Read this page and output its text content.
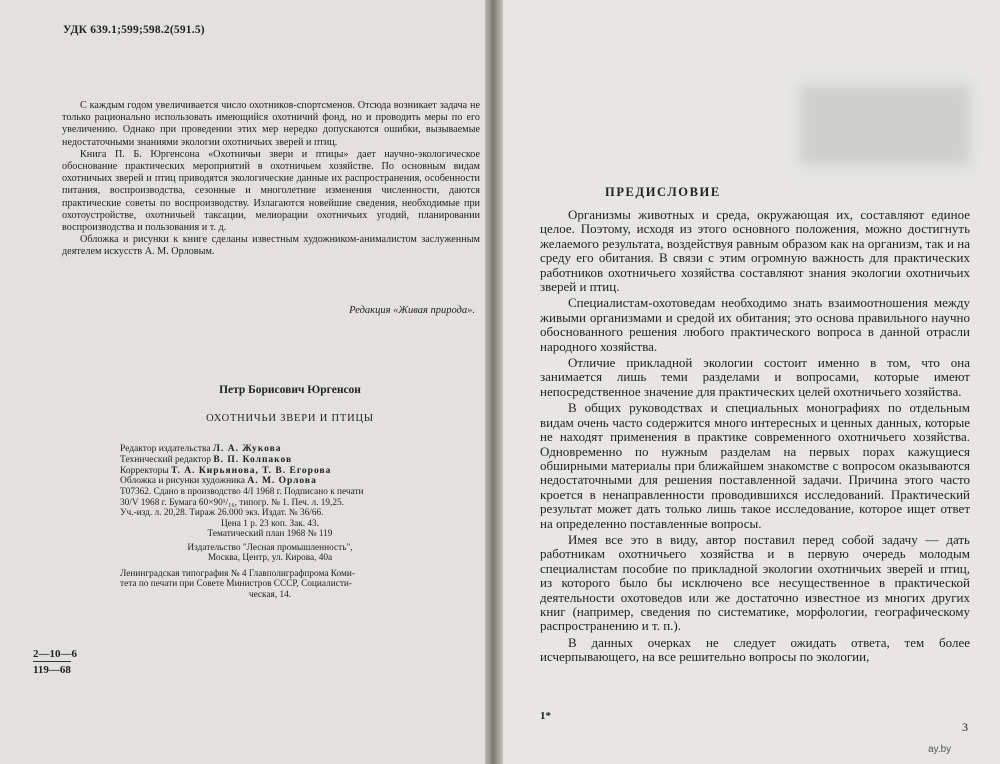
УДК 639.1;599;598.2(591.5)

С каждым годом увеличивается число охотников-спортсменов. Отсюда возникает задача не только рационально использовать имеющийся охотничий фонд, но и проводить меры по его увеличению. Однако при проведении этих мер нередко допускаются ошибки, вызываемые недостаточными знаниями экологии охотничьих зверей и птиц.

Книга П. Б. Юргенсона «Охотничьи звери и птицы» дает научно-экологическое обоснование практических мероприятий в охотничьем хозяйстве. По основным видам охотничьих зверей и птиц приводятся экологические данные их распространения, особенности питания, воспроизводства, сезонные и многолетние изменения численности, даются практические советы по воспроизводству. Излагаются новейшие сведения, необходимые при охотоустройстве, охотничьей таксации, мелиорации охотничьих угодий, планировании воспроизводства и пользования и т. д.

Обложка и рисунки к книге сделаны известным художником-анималистом заслуженным деятелем искусств А. М. Орловым.

Редакция «Живая природа».
Петр Борисович Юргенсон
ОХОТНИЧЬИ ЗВЕРИ И ПТИЦЫ
Редактор издательства Л. А. Жукова
Технический редактор В. П. Колпаков
Корректоры Т. А. Кирьянова, Т. В. Егорова
Обложка и рисунки художника А. М. Орлова
Т07362. Сдано в производство 4/I 1968 г. Подписано к печати
30/V 1968 г. Бумага 60×90¹/₁₆, типогр. № 1. Печ. л. 19,25.
Уч.-изд. л. 20,28. Тираж 26.000 экз. Издат. № 36/66.
Цена 1 р. 23 коп. Зак. 43.
Тематический план 1968 № 119
Издательство "Лесная промышленность",
Москва, Центр, ул. Кирова, 40а
Ленинградская типография № 4 Главполиграфпрома Коми-
тета по печати при Совете Министров СССР, Социалисти-
ческая, 14.
2—10—6
119—68
ПРЕДИСЛОВИЕ

Организмы животных и среда, окружающая их, составляют единое целое. Поэтому, исходя из этого основного положения, можно достигнуть желаемого результата, воздействуя равным образом как на организм, так и на среду его обитания. В связи с этим огромную важность для практических работников охотничьего хозяйства составляют знания экологии охотничьих зверей и птиц.

Специалистам-охотоведам необходимо знать взаимоотношения между живыми организмами и средой их обитания; это основа правильного научно обоснованного решения любого практического вопроса в данной отрасли народного хозяйства.

Отличие прикладной экологии состоит именно в том, что она занимается лишь теми разделами и вопросами, которые имеют непосредственное значение для практических целей охотничьего хозяйства.

В общих руководствах и специальных монографиях по отдельным видам очень часто содержится много интересных и ценных данных, которые не находят применения в практике современного охотничьего хозяйства. Одновременно по нужным разделам на первых порах кажущиеся обширными материалы при ближайшем знакомстве с вопросом оказываются недостаточными для решения поставленной задачи. Причина этого часто кроется в ненаправленности проводившихся исследований. Практический результат может дать только лишь такое исследование, которое ищет ответ на определенно поставленные вопросы.

Имея все это в виду, автор поставил перед собой задачу — дать работникам охотничьего хозяйства и в первую очередь молодым специалистам пособие по прикладной экологии охотничьих зверей и птиц, из которого было бы исключено все несущественное в практической деятельности охотоведов или же достаточно известное из многих других книг (например, сведения по систематике, морфологии, географическому распространению и т. п.).

В данных очерках не следует ожидать ответа, тем более исчерпывающего, на все решительно вопросы по экологии,

1*
3
ay.by
